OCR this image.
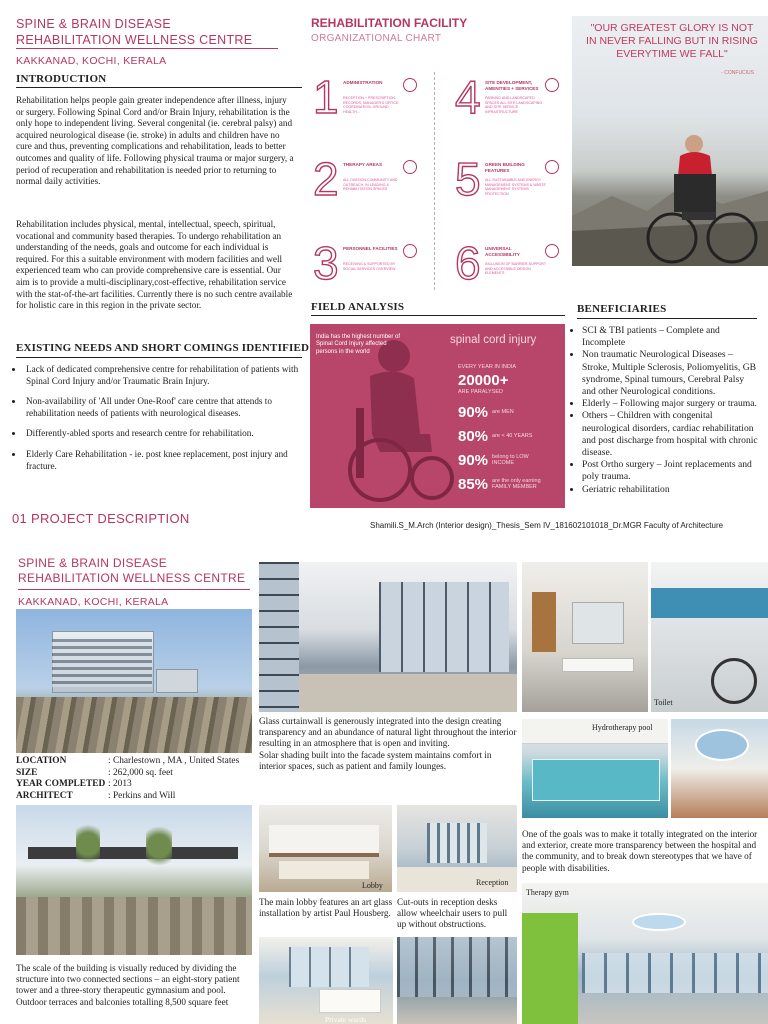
SPINE & BRAIN DISEASE
REHABILITATION WELLNESS CENTRE
KAKKANAD, KOCHI, KERALA
INTRODUCTION
Rehabilitation helps people gain greater independence after illness, injury or surgery. Following Spinal Cord and/or Brain Injury, rehabilitation is the only hope to independent living. Several congenital (ie. cerebral palsy) and acquired neurological disease (ie. stroke) in adults and children have no cure and thus, preventing complications and rehabilitation, leads to better outcomes and quality of life. Following physical trauma or major surgery, a period of recuperation and rehabilitation is needed prior to returning to normal daily activities.
Rehabilitation includes physical, mental, intellectual, speech, spiritual, vocational and community based therapies. To undergo rehabilitation an understanding of the needs, goals and outcome for each individual is required. For this a suitable environment with modern facilities and well experienced team who can provide comprehensive care is essential. Our aim is to provide a multi-disciplinary,cost-effective, rehabilitation service with the stat-of-the-art facilities. Currently there is no such centre available for holistic care in this region in the private sector.
EXISTING NEEDS AND SHORT COMINGS IDENTIFIED
• Lack of dedicated comprehensive centre for rehabilitation of patients with Spinal Cord Injury and/or Traumatic Brain Injury.
• Non-availability of 'All under One-Roof' care centre that attends to rehabilitation needs of patients with neurological diseases.
• Differently-abled sports and research centre for rehabilitation.
• Elderly Care Rehabilitation - ie. post knee replacement, post injury and fracture.
REHABILITATION FACILITY
ORGANIZATIONAL CHART
1 ADMINISTRATION
RECEPTION + PRESCRIPTION, RECORDS, MANAGER'S OFFICE, COORDINATION, GROUND HEALTH...
2 THERAPY AREAS
ALL DIVISION COMMUNITY AND OUTREACH, IN LEADING & REHABILITATION SPACES
3 PERSONNEL FACILITIES
RECEIVING & SUPPORTED BY SOCIAL SERVICES OVERVIEW
4 SITE DEVELOPMENT, AMENITIES + SERVICES
PARKING AND LANDSCAPED SPACES ALL SITE LANDSCAPING AND SITE SERVICE INFRASTRUCTURE
5 GREEN BUILDING FEATURES
ALL SUSTAINABLE AND ENERGY MANAGEMENT SYSTEMS & WASTE MANAGEMENT SYSTEMS PROTECTION
6 UNIVERSAL ACCESSIBILITY
INCLUSION OF BARRIER-SUPPORT AND ACCESSIBLE DESIGN ELEMENTS
"OUR GREATEST GLORY IS NOT IN NEVER FALLING BUT IN RISING EVERYTIME WE FALL"
- CONFUCIUS
FIELD ANALYSIS
India has the highest number of Spinal Cord Injury affected persons in the world
spinal cord injury
EVERY YEAR IN INDIA
20000+
ARE PARALYSED
90% are MEN
80% are < 40 YEARS
90% belong to LOW INCOME
85% are the only earning FAMILY MEMBER
BENEFICIARIES
• SCI & TBI patients – Complete and Incomplete
• Non traumatic Neurological Diseases – Stroke, Multiple Sclerosis, Poliomyelitis, GB syndrome, Spinal tumours, Cerebral Palsy and other Neurological conditions.
• Elderly – Following major surgery or trauma.
• Others – Children with congenital neurological disorders, cardiac rehabilitation and post discharge from hospital with chronic disease.
• Post Ortho surgery – Joint replacements and poly trauma.
• Geriatric rehabilitation
01 PROJECT DESCRIPTION	Shamili.S_M.Arch (Interior design)_Thesis_Sem IV_181602101018_Dr.MGR Faculty of Architecture
SPINE & BRAIN DISEASE
REHABILITATION WELLNESS CENTRE
KAKKANAD, KOCHI, KERALA
LOCATION	: Charlestown , MA , United States
SIZE	: 262,000 sq. feet
YEAR COMPLETED : 2013
ARCHITECT	: Perkins and Will
The scale of the building is visually reduced by dividing the structure into two connected sections – an eight-story patient tower and a three-story therapeutic gymnasium and pool.
Outdoor terraces and balconies totalling 8,500 square feet
Glass curtainwall is generously integrated into the design creating transparency and an abundance of natural light throughout the interior resulting in an atmosphere that is open and inviting.
Solar shading built into the facade system maintains comfort in interior spaces, such as patient and family lounges.
Lobby	Reception
The main lobby features an art glass installation by artist Paul Housberg.
Cut-outs in reception desks allow wheelchair users to pull up without obstructions.
Private wards
Toilet
Hydrotherapy pool
One of the goals was to make it totally integrated on the interior and exterior, create more transparency between the hospital and the community, and to break down stereotypes that we have of people with disabilities.
Therapy gym
